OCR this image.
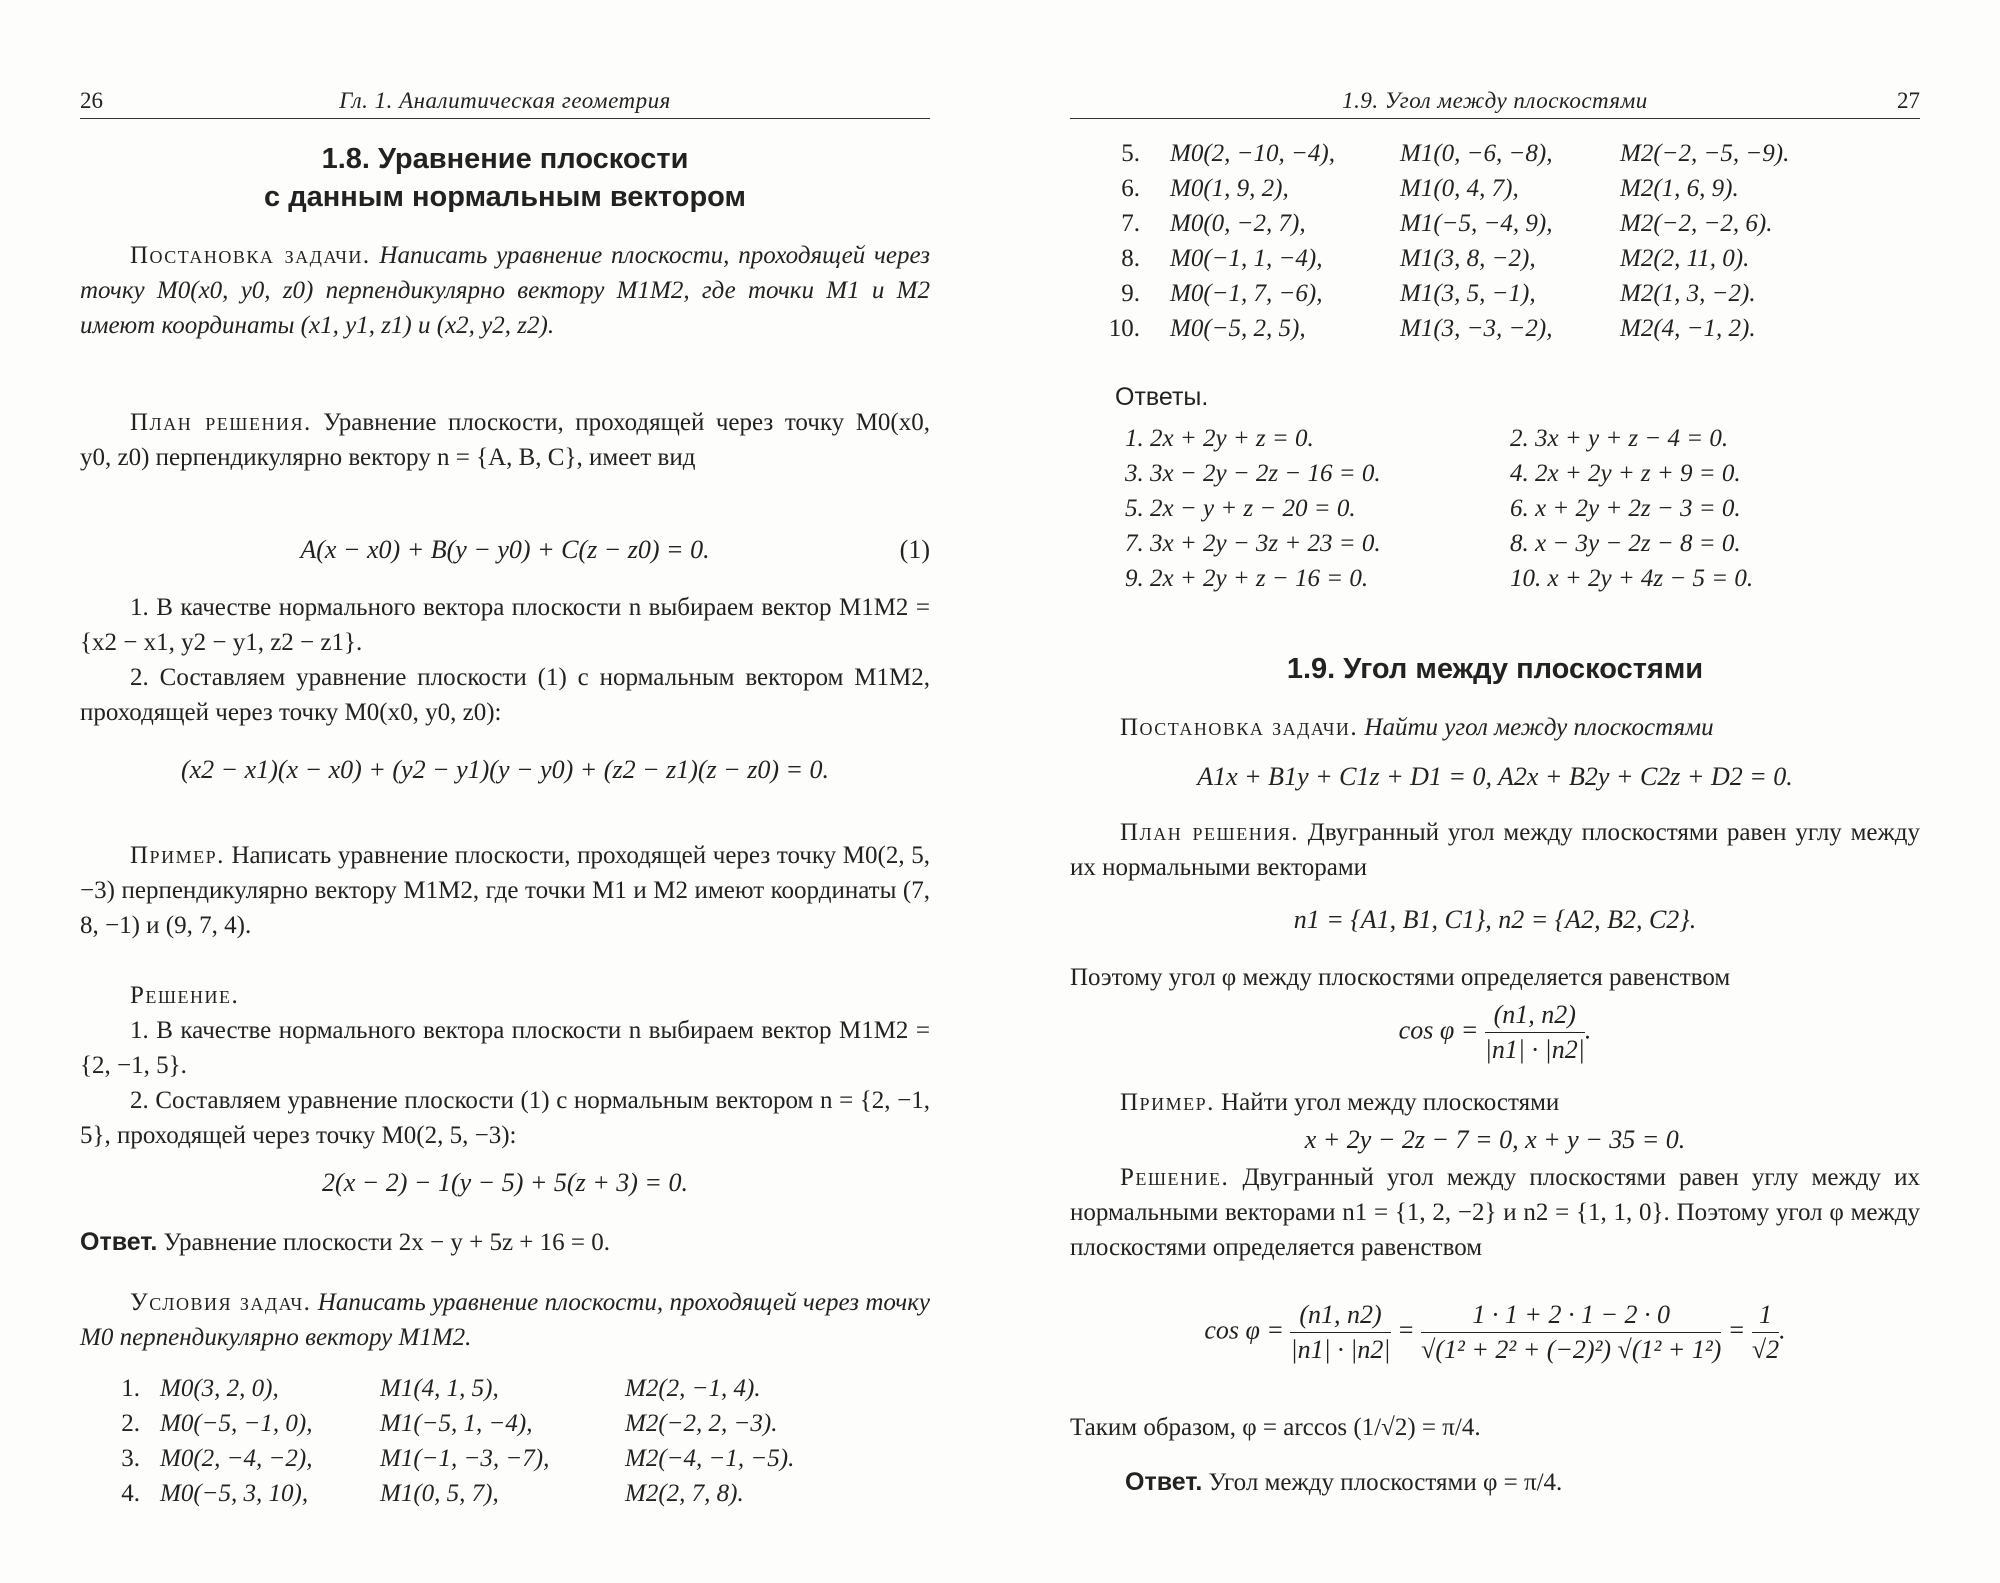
26	Гл. 1. Аналитическая геометрия
1.8. Уравнение плоскости
с данным нормальным вектором
Постановка задачи. Написать уравнение плоскости, проходящей через точку M0(x0, y0, z0) перпендикулярно вектору M1M2, где точки M1 и M2 имеют координаты (x1, y1, z1) и (x2, y2, z2).
План решения. Уравнение плоскости, проходящей через точку M0(x0, y0, z0) перпендикулярно вектору n = {A, B, C}, имеет вид
A(x − x0) + B(y − y0) + C(z − z0) = 0.	(1)
1. В качестве нормального вектора плоскости n выбираем вектор M1M2 = {x2 − x1, y2 − y1, z2 − z1}.
2. Составляем уравнение плоскости (1) с нормальным вектором M1M2, проходящей через точку M0(x0, y0, z0):
(x2 − x1)(x − x0) + (y2 − y1)(y − y0) + (z2 − z1)(z − z0) = 0.
Пример. Написать уравнение плоскости, проходящей через точку M0(2, 5, −3) перпендикулярно вектору M1M2, где точки M1 и M2 имеют координаты (7, 8, −1) и (9, 7, 4).
Решение.
1. В качестве нормального вектора плоскости n выбираем вектор M1M2 = {2, −1, 5}.
2. Составляем уравнение плоскости (1) с нормальным вектором n = {2, −1, 5}, проходящей через точку M0(2, 5, −3):
2(x − 2) − 1(y − 5) + 5(z + 3) = 0.
Ответ. Уравнение плоскости 2x − y + 5z + 16 = 0.
Условия задач. Написать уравнение плоскости, проходящей через точку M0 перпендикулярно вектору M1M2.
1. M0(3, 2, 0),	M1(4, 1, 5),	M2(2, −1, 4).
2. M0(−5, −1, 0),	M1(−5, 1, −4),	M2(−2, 2, −3).
3. M0(2, −4, −2),	M1(−1, −3, −7),	M2(−4, −1, −5).
4. M0(−5, 3, 10),	M1(0, 5, 7),	M2(2, 7, 8).
1.9. Угол между плоскостями	27
5. M0(2, −10, −4),	M1(0, −6, −8),	M2(−2, −5, −9).
6. M0(1, 9, 2),	M1(0, 4, 7),	M2(1, 6, 9).
7. M0(0, −2, 7),	M1(−5, −4, 9),	M2(−2, −2, 6).
8. M0(−1, 1, −4),	M1(3, 8, −2),	M2(2, 11, 0).
9. M0(−1, 7, −6),	M1(3, 5, −1),	M2(1, 3, −2).
10. M0(−5, 2, 5),	M1(3, −3, −2),	M2(4, −1, 2).
Ответы.
1. 2x + 2y + z = 0.	2. 3x + y + z − 4 = 0.
3. 3x − 2y − 2z − 16 = 0.	4. 2x + 2y + z + 9 = 0.
5. 2x − y + z − 20 = 0.	6. x + 2y + 2z − 3 = 0.
7. 3x + 2y − 3z + 23 = 0.	8. x − 3y − 2z − 8 = 0.
9. 2x + 2y + z − 16 = 0.	10. x + 2y + 4z − 5 = 0.
1.9. Угол между плоскостями
Постановка задачи. Найти угол между плоскостями
A1x + B1y + C1z + D1 = 0, A2x + B2y + C2z + D2 = 0.
План решения. Двугранный угол между плоскостями равен углу между их нормальными векторами
n1 = {A1, B1, C1}, n2 = {A2, B2, C2}.
Поэтому угол φ между плоскостями определяется равенством
$\cos \varphi = \frac{(n1, n2)}{|n1| \cdot |n2|}$ .
Пример. Найти угол между плоскостями
x + 2y − 2z − 7 = 0, x + y − 35 = 0.
Решение. Двугранный угол между плоскостями равен углу между их нормальными векторами n1 = {1, 2, −2} и n2 = {1, 1, 0}. Поэтому угол φ между плоскостями определяется равенством
$\cos \varphi = \frac{(n1, n2)}{|n1| \cdot |n2|} = \frac{1 \cdot 1 + 2 \cdot 1 - 2 \cdot 0}{\text{√(1² + 2² + (−2)²) √(1² + 1²)}} = \frac{1}{√2}$ .
Таким образом, φ = arccos (1/√2) = π/4.
Ответ. Угол между плоскостями φ = π/4.
